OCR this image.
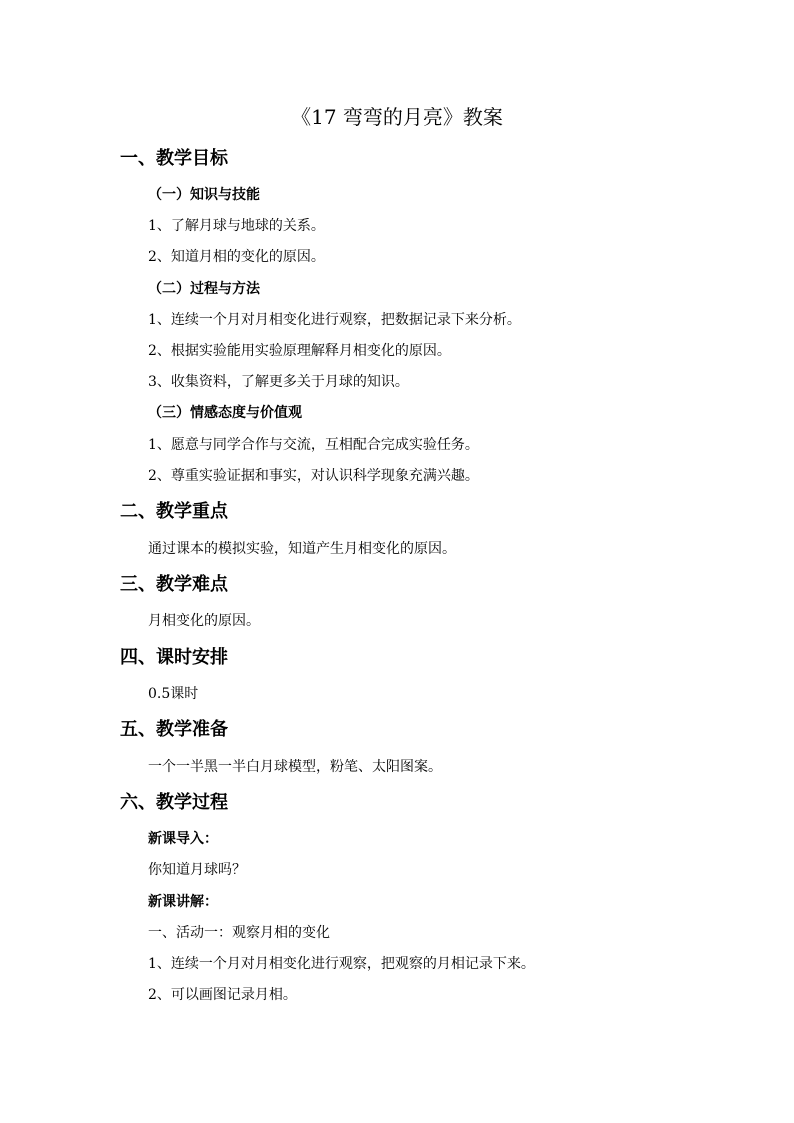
《17 弯弯的月亮》教案
一、教学目标
（一）知识与技能
1、了解月球与地球的关系。
2、知道月相的变化的原因。
（二）过程与方法
1、连续一个月对月相变化进行观察，把数据记录下来分析。
2、根据实验能用实验原理解释月相变化的原因。
3、收集资料，了解更多关于月球的知识。
（三）情感态度与价值观
1、愿意与同学合作与交流，互相配合完成实验任务。
2、尊重实验证据和事实，对认识科学现象充满兴趣。
二、教学重点
通过课本的模拟实验，知道产生月相变化的原因。
三、教学难点
月相变化的原因。
四、课时安排
0.5课时
五、教学准备
一个一半黑一半白月球模型，粉笔、太阳图案。
六、教学过程
新课导入：
你知道月球吗？
新课讲解：
一、活动一：观察月相的变化
1、连续一个月对月相变化进行观察，把观察的月相记录下来。
2、可以画图记录月相。
